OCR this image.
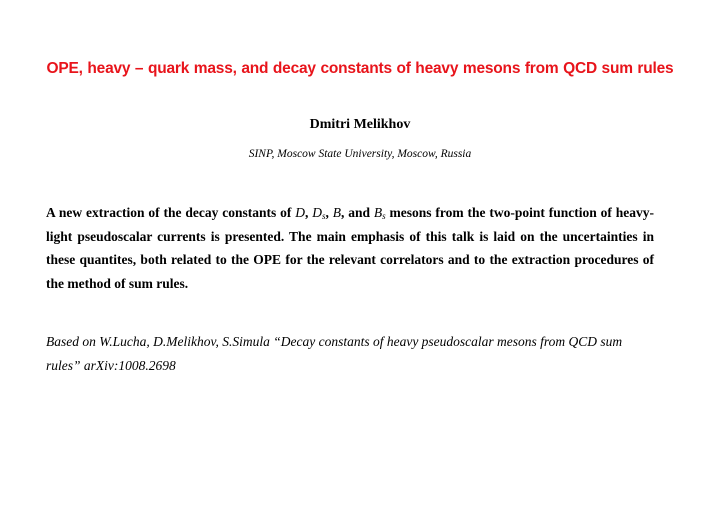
OPE, heavy – quark mass, and decay constants of heavy mesons from QCD sum rules
Dmitri Melikhov
SINP, Moscow State University, Moscow, Russia
A new extraction of the decay constants of D, $D_s$, B, and $B_s$ mesons from the two-point function of heavy-light pseudoscalar currents is presented. The main emphasis of this talk is laid on the uncertainties in these quantites, both related to the OPE for the relevant correlators and to the extraction procedures of the method of sum rules.
Based on W.Lucha, D.Melikhov, S.Simula “Decay constants of heavy pseudoscalar mesons from QCD sum rules” arXiv:1008.2698
